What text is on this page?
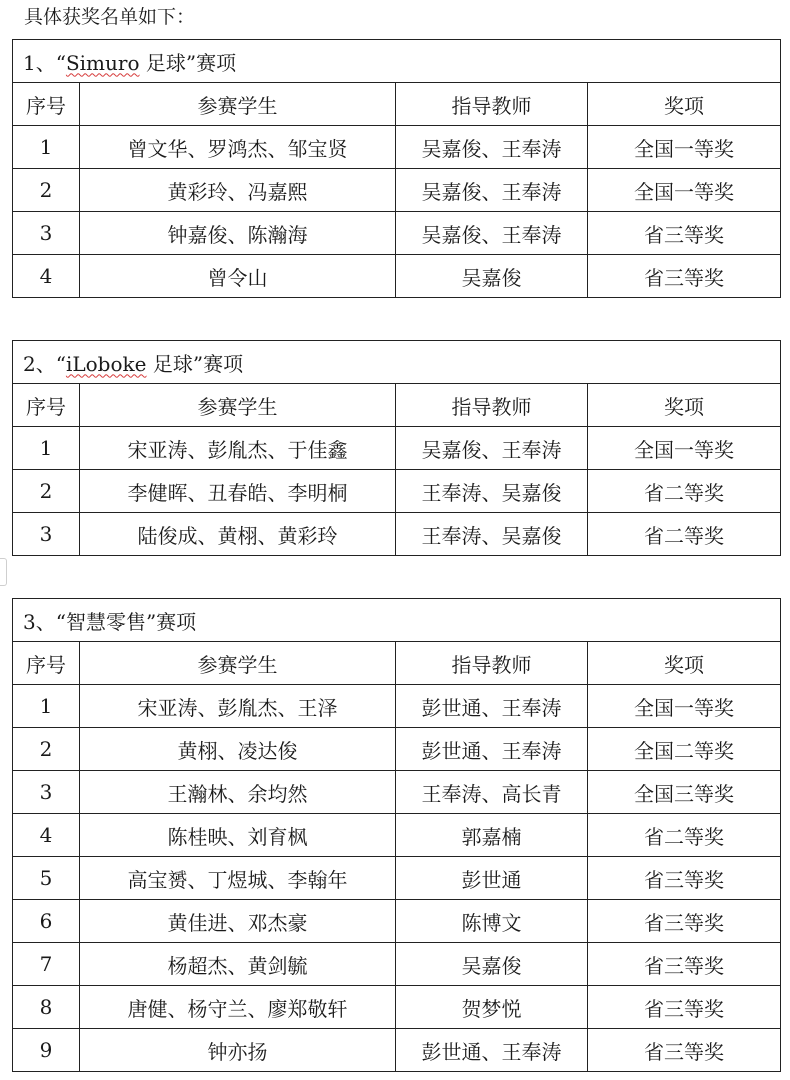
具体获奖名单如下：
1、“Simuro 足球”赛项			
序号	参赛学生	指导教师	奖项
1	曾文华、罗鸿杰、邹宝贤	吴嘉俊、王奉涛	全国一等奖
2	黄彩玲、冯嘉熙	吴嘉俊、王奉涛	全国一等奖
3	钟嘉俊、陈瀚海	吴嘉俊、王奉涛	省三等奖
4	曾令山	吴嘉俊	省三等奖
2、“iLoboke 足球”赛项			
序号	参赛学生	指导教师	奖项
1	宋亚涛、彭胤杰、于佳鑫	吴嘉俊、王奉涛	全国一等奖
2	李健晖、丑春皓、李明桐	王奉涛、吴嘉俊	省二等奖
3	陆俊成、黄栩、黄彩玲	王奉涛、吴嘉俊	省二等奖
3、“智慧零售”赛项			
序号	参赛学生	指导教师	奖项
1	宋亚涛、彭胤杰、王泽	彭世通、王奉涛	全国一等奖
2	黄栩、凌达俊	彭世通、王奉涛	全国二等奖
3	王瀚林、余均然	王奉涛、高长青	全国三等奖
4	陈桂映、刘育枫	郭嘉楠	省二等奖
5	高宝赟、丁煜城、李翰年	彭世通	省三等奖
6	黄佳进、邓杰豪	陈博文	省三等奖
7	杨超杰、黄剑毓	吴嘉俊	省三等奖
8	唐健、杨守兰、廖郑敬轩	贺梦悦	省三等奖
9	钟亦扬	彭世通、王奉涛	省三等奖
